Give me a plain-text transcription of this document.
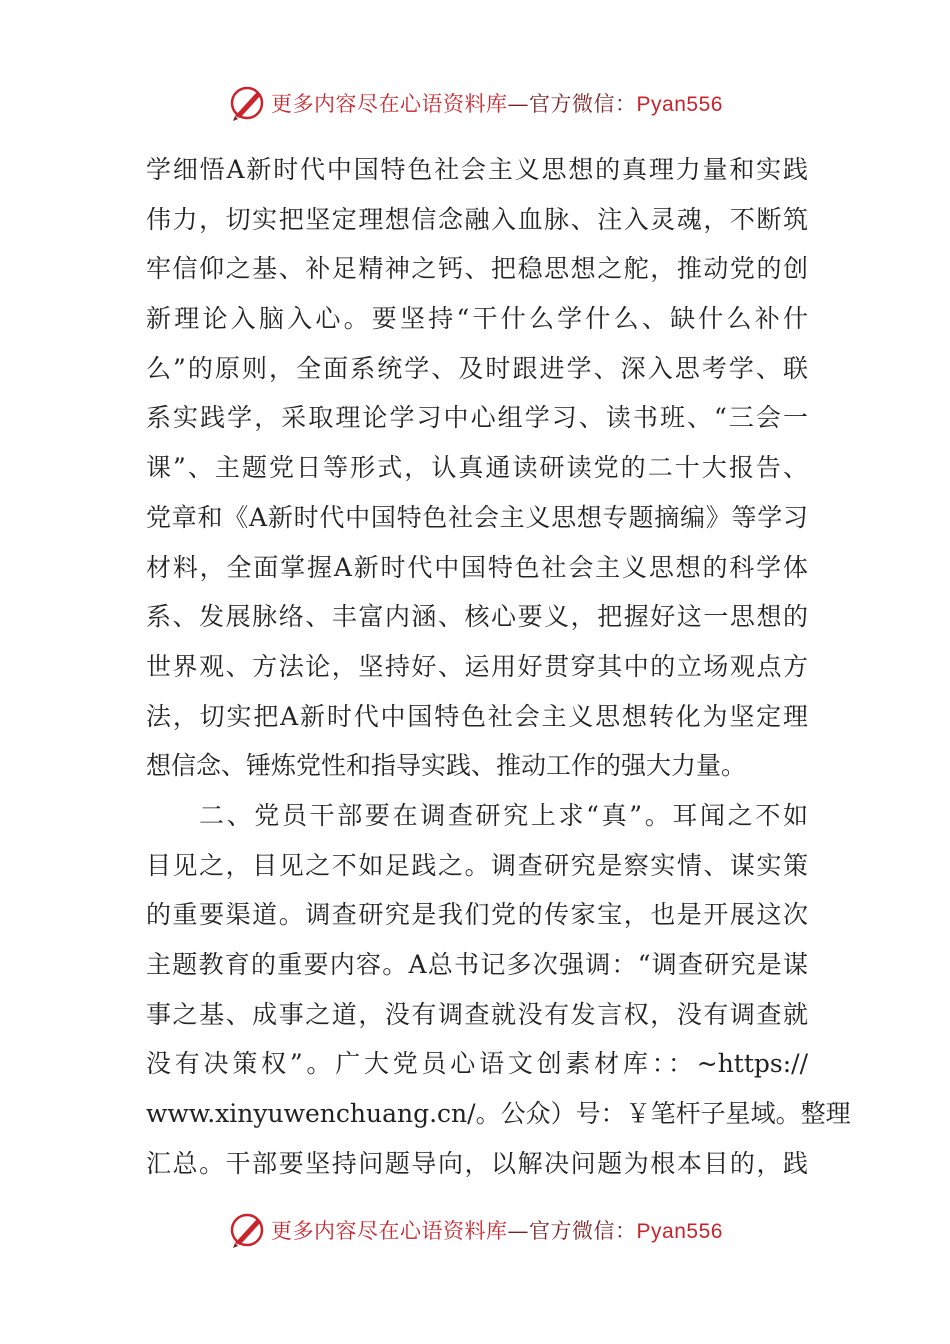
更多内容尽在心语资料库—官方微信：Pyan556
学细悟A新时代中国特色社会主义思想的真理力量和实践
伟力，切实把坚定理想信念融入血脉、注入灵魂，不断筑
牢信仰之基、补足精神之钙、把稳思想之舵，推动党的创
新理论入脑入心。要坚持“干什么学什么、缺什么补什
么”的原则，全面系统学、及时跟进学、深入思考学、联
系实践学，采取理论学习中心组学习、读书班、“三会一
课”、主题党日等形式，认真通读研读党的二十大报告、
党章和《A新时代中国特色社会主义思想专题摘编》等学习
材料，全面掌握A新时代中国特色社会主义思想的科学体
系、发展脉络、丰富内涵、核心要义，把握好这一思想的
世界观、方法论，坚持好、运用好贯穿其中的立场观点方
法，切实把A新时代中国特色社会主义思想转化为坚定理
想信念、锤炼党性和指导实践、推动工作的强大力量。
二、党员干部要在调查研究上求“真”。耳闻之不如
目见之，目见之不如足践之。调查研究是察实情、谋实策
的重要渠道。调查研究是我们党的传家宝，也是开展这次
主题教育的重要内容。A总书记多次强调：“调查研究是谋
事之基、成事之道，没有调查就没有发言权，没有调查就
没有决策权”。广大党员心语文创素材库：：~https://
www.xinyuwenchuang.cn/。公众）号：￥笔杆子星域。整理
汇总。干部要坚持问题导向，以解决问题为根本目的，践
更多内容尽在心语资料库—官方微信：Pyan556
